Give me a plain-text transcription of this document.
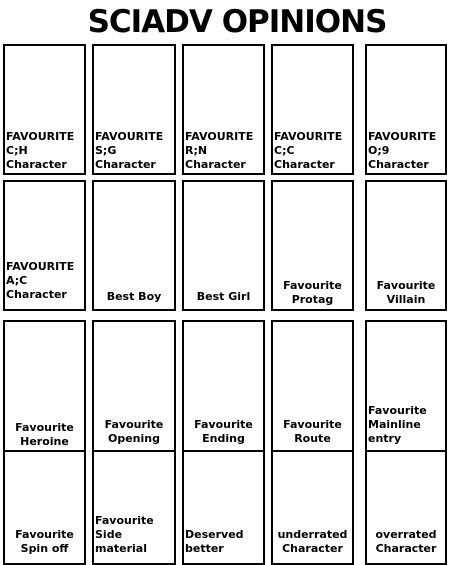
SCIADV OPINIONS
FAVOURITE C;H
Character
FAVOURITE S;G
Character
FAVOURITE R;N
Character
FAVOURITE C;C
Character
FAVOURITE O;9
Character
FAVOURITE A;C
Character	Best Boy	Best Girl
Favourite
Protag
Favourite
Villain
Favourite
Heroine
Favourite
Opening
Favourite
Ending
Favourite
Route
Favourite
Mainline entry
Favourite
Spin off
Favourite
Side material
Deserved
better
underrated
Character
overrated
Character
